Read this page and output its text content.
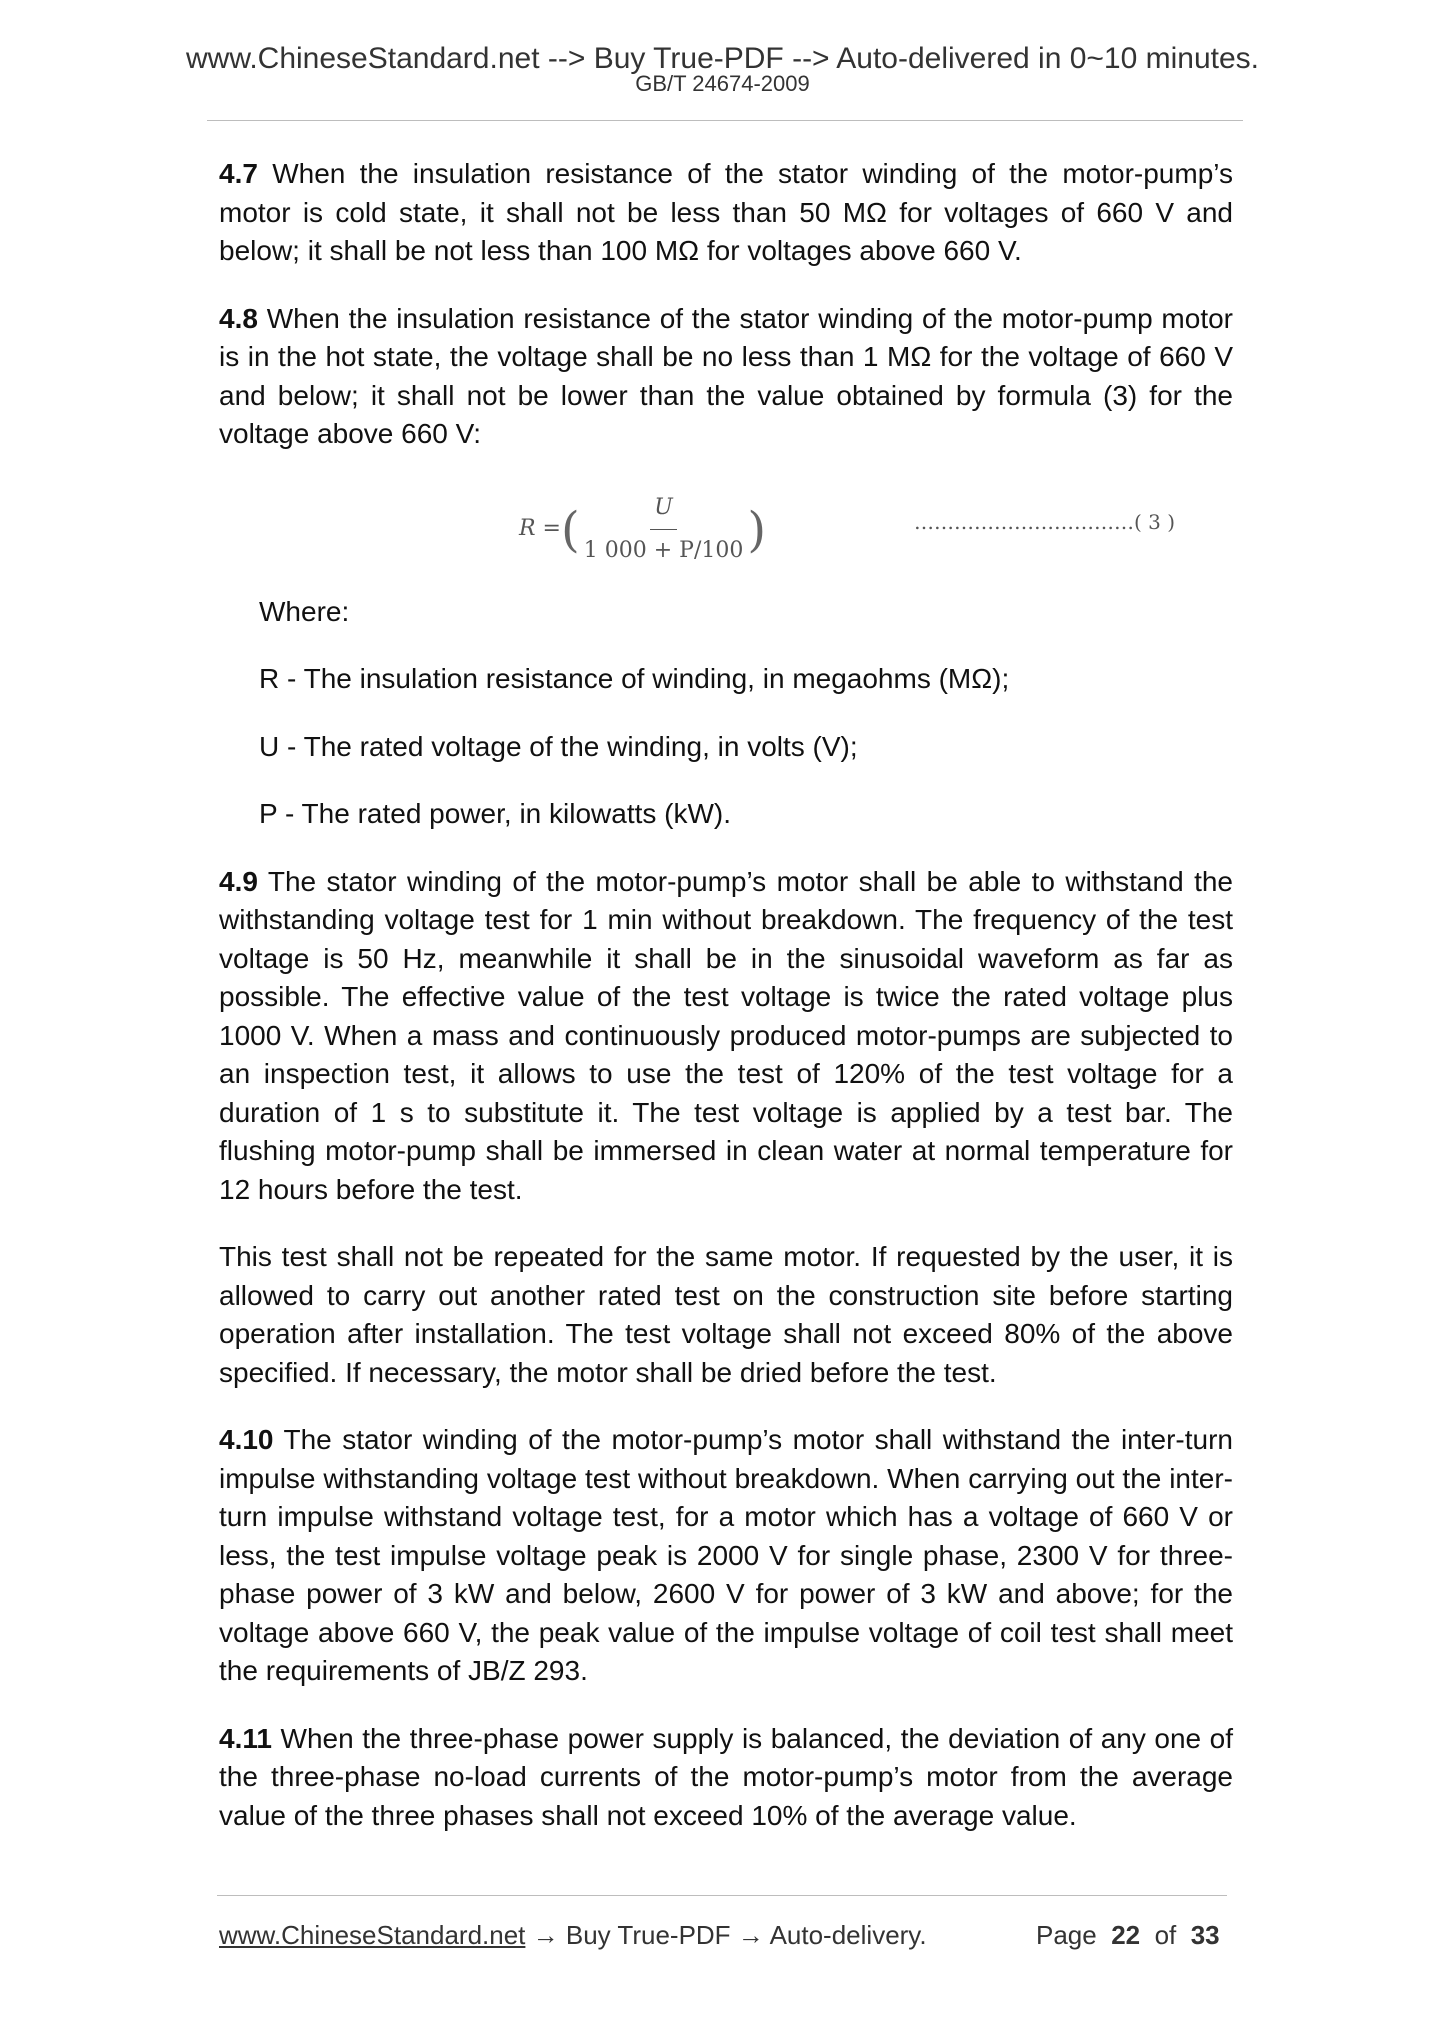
www.ChineseStandard.net --> Buy True-PDF --> Auto-delivered in 0~10 minutes.
GB/T 24674-2009

4.7 When the insulation resistance of the stator winding of the motor-pump’s motor is cold state, it shall not be less than 50 MΩ for voltages of 660 V and below; it shall be not less than 100 MΩ for voltages above 660 V.

4.8 When the insulation resistance of the stator winding of the motor-pump motor is in the hot state, the voltage shall be no less than 1 MΩ for the voltage of 660 V and below; it shall not be lower than the value obtained by formula (3) for the voltage above 660 V:

R = ( $\frac{U}{1 000 + P/100}$ )	……………………………( 3 )

Where:

R - The insulation resistance of winding, in megaohms (MΩ);

U - The rated voltage of the winding, in volts (V);

P - The rated power, in kilowatts (kW).

4.9 The stator winding of the motor-pump’s motor shall be able to withstand the withstanding voltage test for 1 min without breakdown. The frequency of the test voltage is 50 Hz, meanwhile it shall be in the sinusoidal waveform as far as possible. The effective value of the test voltage is twice the rated voltage plus 1000 V. When a mass and continuously produced motor-pumps are subjected to an inspection test, it allows to use the test of 120% of the test voltage for a duration of 1 s to substitute it. The test voltage is applied by a test bar. The flushing motor-pump shall be immersed in clean water at normal temperature for 12 hours before the test.

This test shall not be repeated for the same motor. If requested by the user, it is allowed to carry out another rated test on the construction site before starting operation after installation. The test voltage shall not exceed 80% of the above specified. If necessary, the motor shall be dried before the test.

4.10 The stator winding of the motor-pump’s motor shall withstand the inter-turn impulse withstanding voltage test without breakdown. When carrying out the inter-turn impulse withstand voltage test, for a motor which has a voltage of 660 V or less, the test impulse voltage peak is 2000 V for single phase, 2300 V for three-phase power of 3 kW and below, 2600 V for power of 3 kW and above; for the voltage above 660 V, the peak value of the impulse voltage of coil test shall meet the requirements of JB/Z 293.

4.11 When the three-phase power supply is balanced, the deviation of any one of the three-phase no-load currents of the motor-pump’s motor from the average value of the three phases shall not exceed 10% of the average value.

www.ChineseStandard.net → Buy True-PDF → Auto-delivery.	Page 22 of 33
